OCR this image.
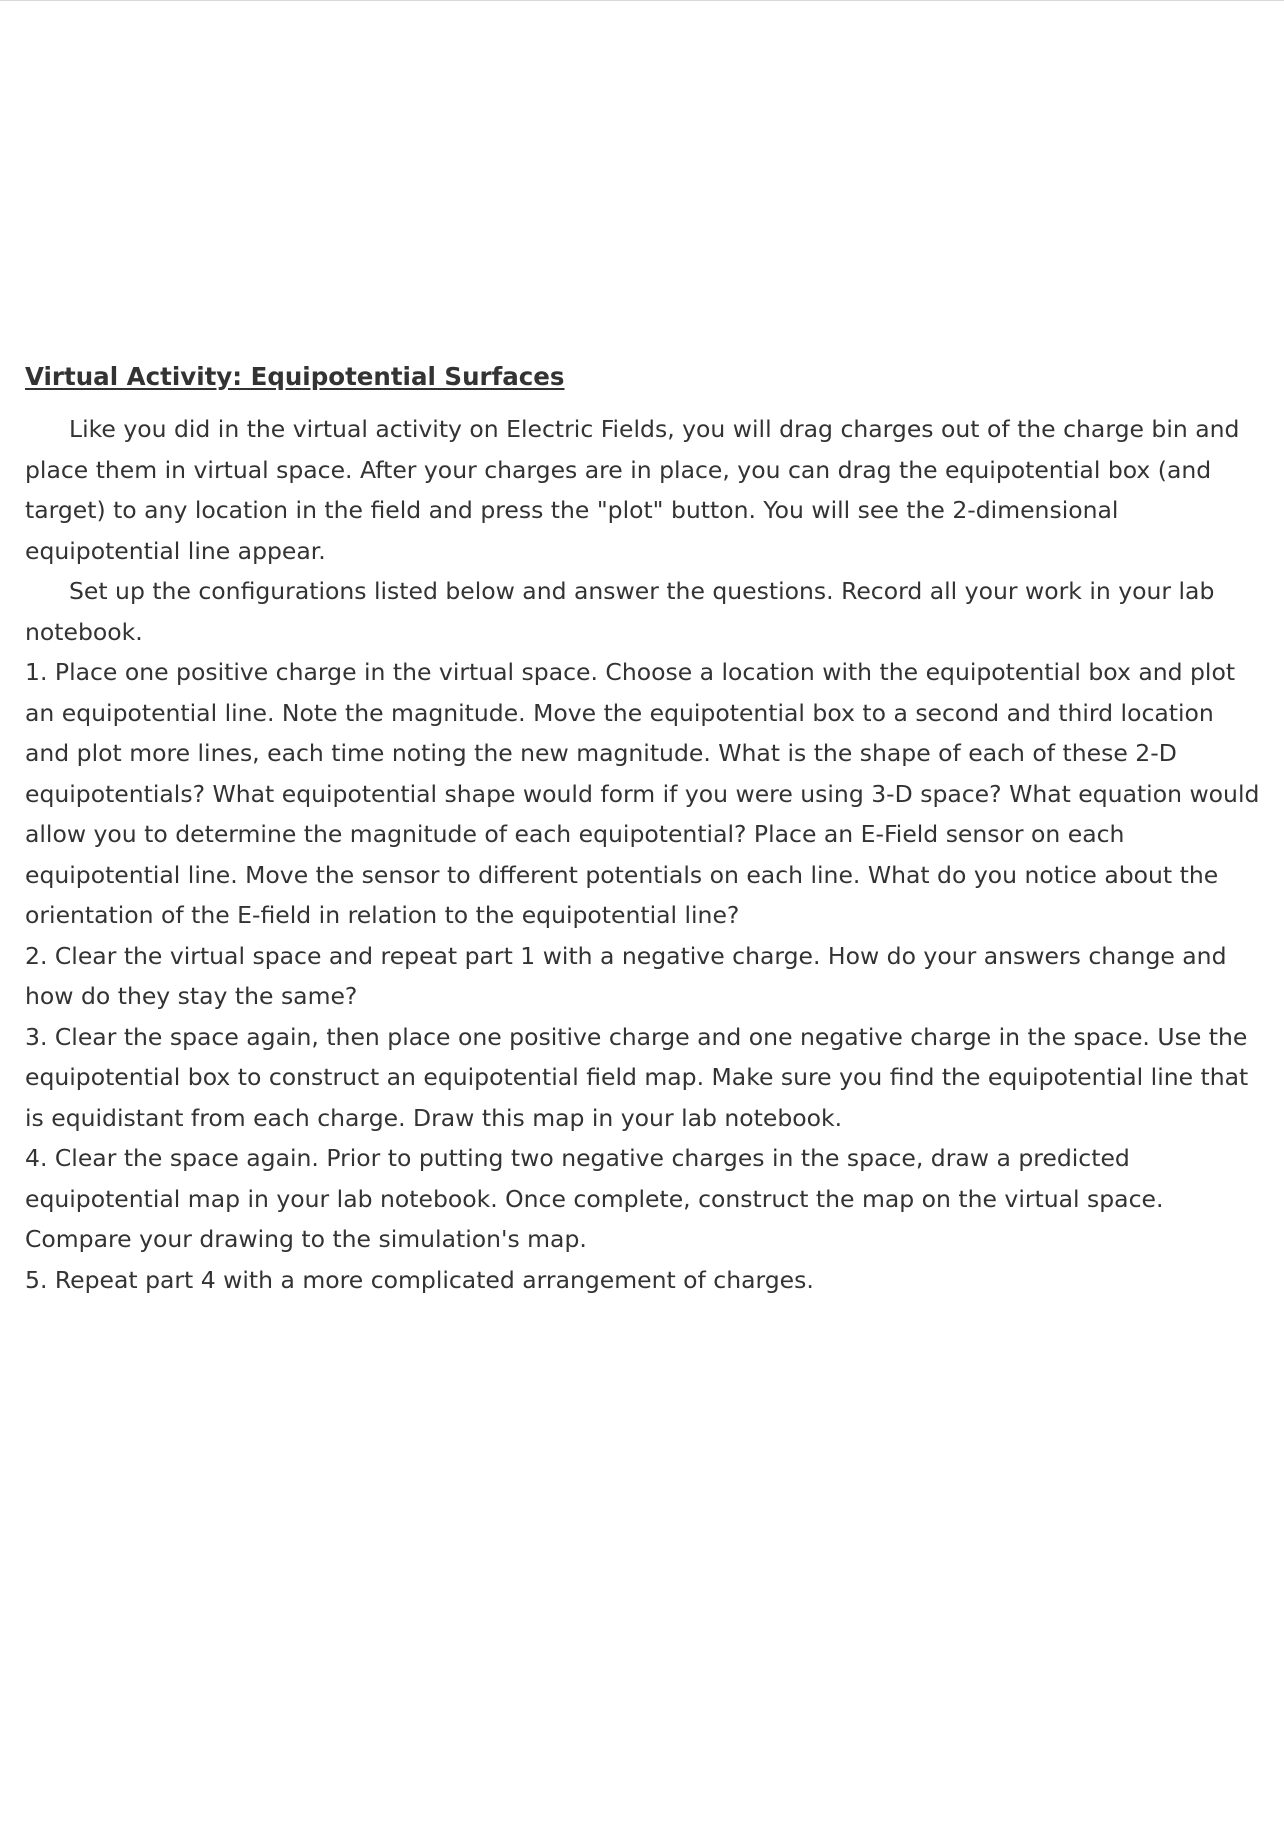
Virtual Activity: Equipotential Surfaces

Like you did in the virtual activity on Electric Fields, you will drag charges out of the charge bin and place them in virtual space. After your charges are in place, you can drag the equipotential box (and target) to any location in the field and press the "plot" button. You will see the 2-dimensional equipotential line appear.

Set up the configurations listed below and answer the questions. Record all your work in your lab notebook.

1. Place one positive charge in the virtual space. Choose a location with the equipotential box and plot an equipotential line. Note the magnitude. Move the equipotential box to a second and third location and plot more lines, each time noting the new magnitude. What is the shape of each of these 2-D equipotentials? What equipotential shape would form if you were using 3-D space? What equation would allow you to determine the magnitude of each equipotential? Place an E-Field sensor on each equipotential line. Move the sensor to different potentials on each line. What do you notice about the orientation of the E-field in relation to the equipotential line?

2. Clear the virtual space and repeat part 1 with a negative charge. How do your answers change and how do they stay the same?

3. Clear the space again, then place one positive charge and one negative charge in the space. Use the equipotential box to construct an equipotential field map. Make sure you find the equipotential line that is equidistant from each charge. Draw this map in your lab notebook.

4. Clear the space again. Prior to putting two negative charges in the space, draw a predicted equipotential map in your lab notebook. Once complete, construct the map on the virtual space. Compare your drawing to the simulation's map.

5. Repeat part 4 with a more complicated arrangement of charges.
